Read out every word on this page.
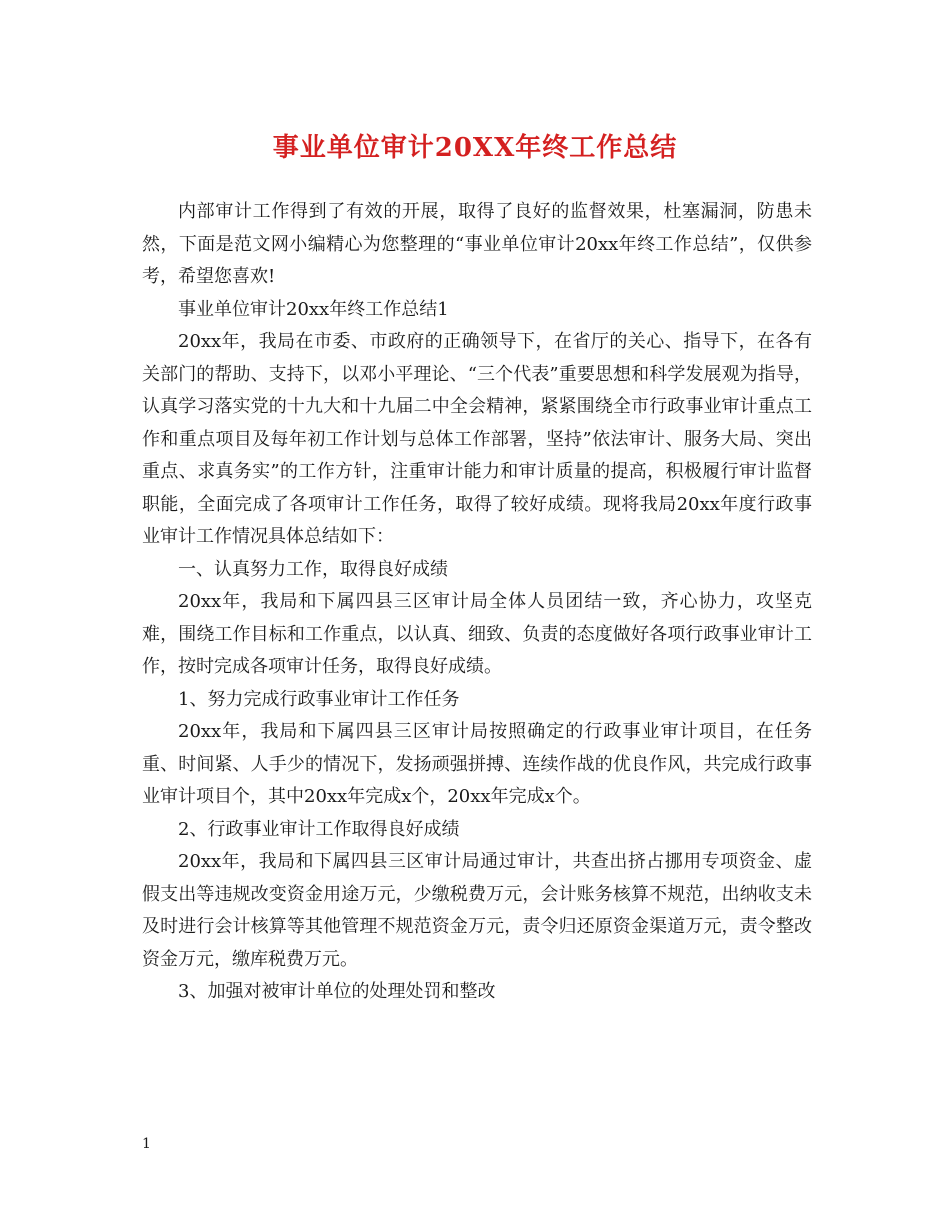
事业单位审计20XX年终工作总结

内部审计工作得到了有效的开展，取得了良好的监督效果，杜塞漏洞，防患未然，下面是范文网小编精心为您整理的“事业单位审计20xx年终工作总结”，仅供参考，希望您喜欢!

事业单位审计20xx年终工作总结1

20xx年，我局在市委、市政府的正确领导下，在省厅的关心、指导下，在各有关部门的帮助、支持下，以邓小平理论、“三个代表”重要思想和科学发展观为指导，认真学习落实党的十九大和十九届二中全会精神，紧紧围绕全市行政事业审计重点工作和重点项目及每年初工作计划与总体工作部署，坚持”依法审计、服务大局、突出重点、求真务实”的工作方针，注重审计能力和审计质量的提高，积极履行审计监督职能，全面完成了各项审计工作任务，取得了较好成绩。现将我局20xx年度行政事业审计工作情况具体总结如下：

一、认真努力工作，取得良好成绩

20xx年，我局和下属四县三区审计局全体人员团结一致，齐心协力，攻坚克难，围绕工作目标和工作重点，以认真、细致、负责的态度做好各项行政事业审计工作，按时完成各项审计任务，取得良好成绩。

1、努力完成行政事业审计工作任务

20xx年，我局和下属四县三区审计局按照确定的行政事业审计项目，在任务重、时间紧、人手少的情况下，发扬顽强拼搏、连续作战的优良作风，共完成行政事业审计项目个，其中20xx年完成x个，20xx年完成x个。

2、行政事业审计工作取得良好成绩

20xx年，我局和下属四县三区审计局通过审计，共查出挤占挪用专项资金、虚假支出等违规改变资金用途万元，少缴税费万元，会计账务核算不规范，出纳收支未及时进行会计核算等其他管理不规范资金万元，责令归还原资金渠道万元，责令整改资金万元，缴库税费万元。

3、加强对被审计单位的处理处罚和整改

1
